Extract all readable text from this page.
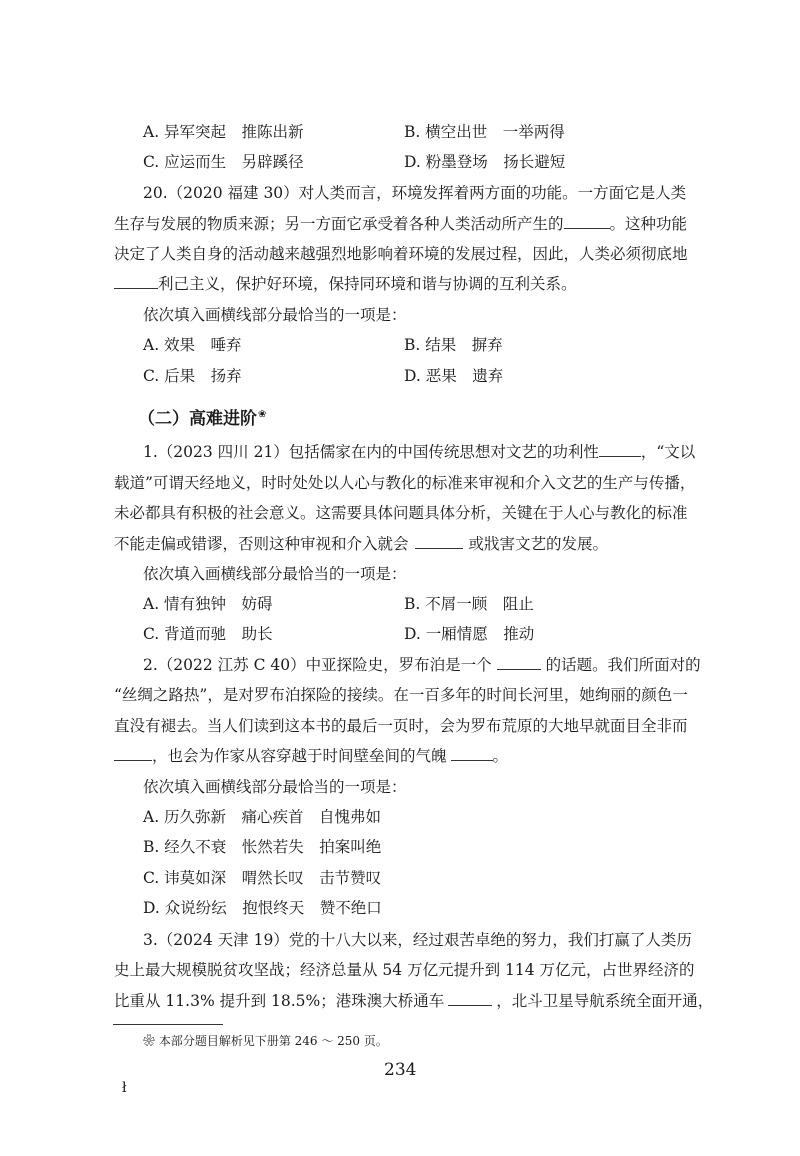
A. 异军突起　推陈出新	B. 横空出世　一举两得
C. 应运而生　另辟蹊径	D. 粉墨登场　扬长避短
20.（2020 福建 30）对人类而言，环境发挥着两方面的功能。一方面它是人类
生存与发展的物质来源；另一方面它承受着各种人类活动所产生的	。这种功能
决定了人类自身的活动越来越强烈地影响着环境的发展过程，因此，人类必须彻底地
利己主义，保护好环境，保持同环境和谐与协调的互利关系。
依次填入画横线部分最恰当的一项是：
A. 效果　唾弃	B. 结果　摒弃
C. 后果　扬弃	D. 恶果　遗弃
（二）高难进阶❀
1.（2023 四川 21）包括儒家在内的中国传统思想对文艺的功利性	，“文以
载道”可谓天经地义，时时处处以人心与教化的标准来审视和介入文艺的生产与传播，
未必都具有积极的社会意义。这需要具体问题具体分析，关键在于人心与教化的标准
不能走偏或错谬，否则这种审视和介入就会	或戕害文艺的发展。
依次填入画横线部分最恰当的一项是：
A. 情有独钟　妨碍	B. 不屑一顾　阻止
C. 背道而驰　助长	D. 一厢情愿　推动
2.（2022 江苏 C 40）中亚探险史，罗布泊是一个	的话题。我们所面对的
“丝绸之路热”，是对罗布泊探险的接续。在一百多年的时间长河里，她绚丽的颜色一
直没有褪去。当人们读到这本书的最后一页时，会为罗布荒原的大地早就面目全非而
，也会为作家从容穿越于时间壁垒间的气魄	。
依次填入画横线部分最恰当的一项是：
A. 历久弥新　痛心疾首　自愧弗如
B. 经久不衰　怅然若失　拍案叫绝
C. 讳莫如深　喟然长叹　击节赞叹
D. 众说纷纭　抱恨终天　赞不绝口
3.（2024 天津 19）党的十八大以来，经过艰苦卓绝的努力，我们打赢了人类历
史上最大规模脱贫攻坚战；经济总量从 54 万亿元提升到 114 万亿元，占世界经济的
比重从 11.3% 提升到 18.5%；港珠澳大桥通车	，北斗卫星导航系统全面开通，
❀ 本部分题目解析见下册第 246 ～ 250 页。
234
ł
